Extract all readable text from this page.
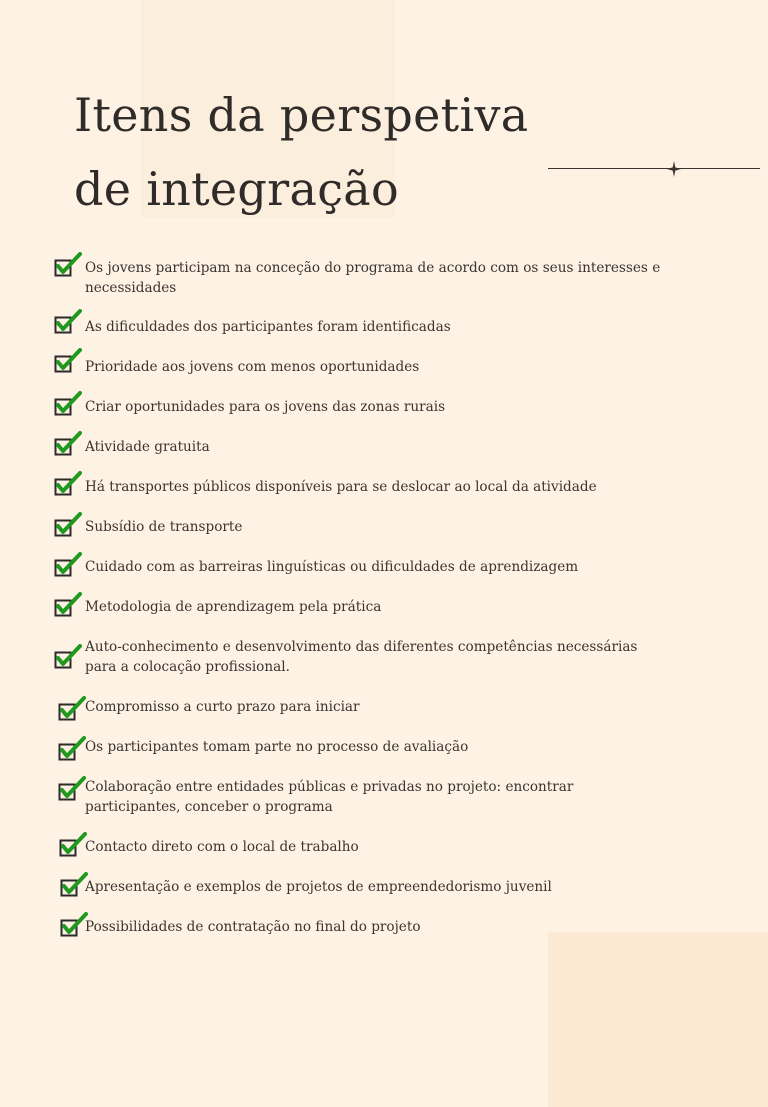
Itens da perspetiva de integração
Os jovens participam na conceção do programa de acordo com os seus interesses e necessidades
As dificuldades dos participantes foram identificadas
Prioridade aos jovens com menos oportunidades
Criar oportunidades para os jovens das zonas rurais
Atividade gratuita
Há transportes públicos disponíveis para se deslocar ao local da atividade
Subsídio de transporte
Cuidado com as barreiras linguísticas ou dificuldades de aprendizagem
Metodologia de aprendizagem pela prática
Auto-conhecimento e desenvolvimento das diferentes competências necessárias para a colocação profissional.
Compromisso a curto prazo para iniciar
Os participantes tomam parte no processo de avaliação
Colaboração entre entidades públicas e privadas no projeto: encontrar participantes, conceber o programa
Contacto direto com o local de trabalho
Apresentação e exemplos de projetos de empreendedorismo juvenil
Possibilidades de contratação no final do projeto
